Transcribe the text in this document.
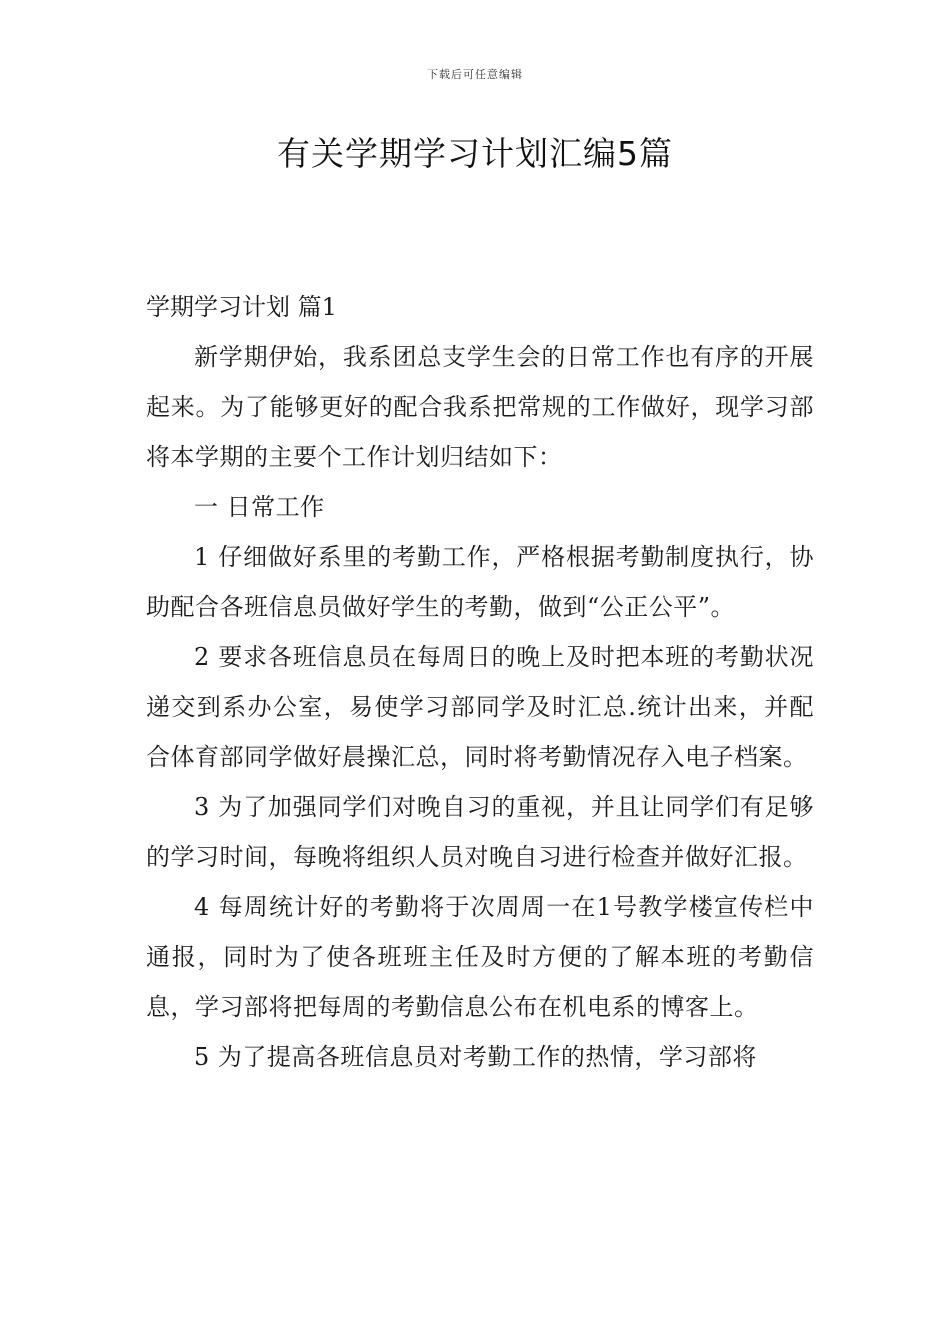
下载后可任意编辑
有关学期学习计划汇编5篇

学期学习计划 篇1

新学期伊始，我系团总支学生会的日常工作也有序的开展起来。为了能够更好的配合我系把常规的工作做好，现学习部将本学期的主要个工作计划归结如下：

一 日常工作

1 仔细做好系里的考勤工作，严格根据考勤制度执行，协助配合各班信息员做好学生的考勤，做到“公正公平”。

2 要求各班信息员在每周日的晚上及时把本班的考勤状况递交到系办公室，易使学习部同学及时汇总.统计出来，并配合体育部同学做好晨操汇总，同时将考勤情况存入电子档案。

3 为了加强同学们对晚自习的重视，并且让同学们有足够的学习时间，每晚将组织人员对晚自习进行检查并做好汇报。

4 每周统计好的考勤将于次周周一在1号教学楼宣传栏中通报，同时为了使各班班主任及时方便的了解本班的考勤信息，学习部将把每周的考勤信息公布在机电系的博客上。

5 为了提高各班信息员对考勤工作的热情，学习部将
